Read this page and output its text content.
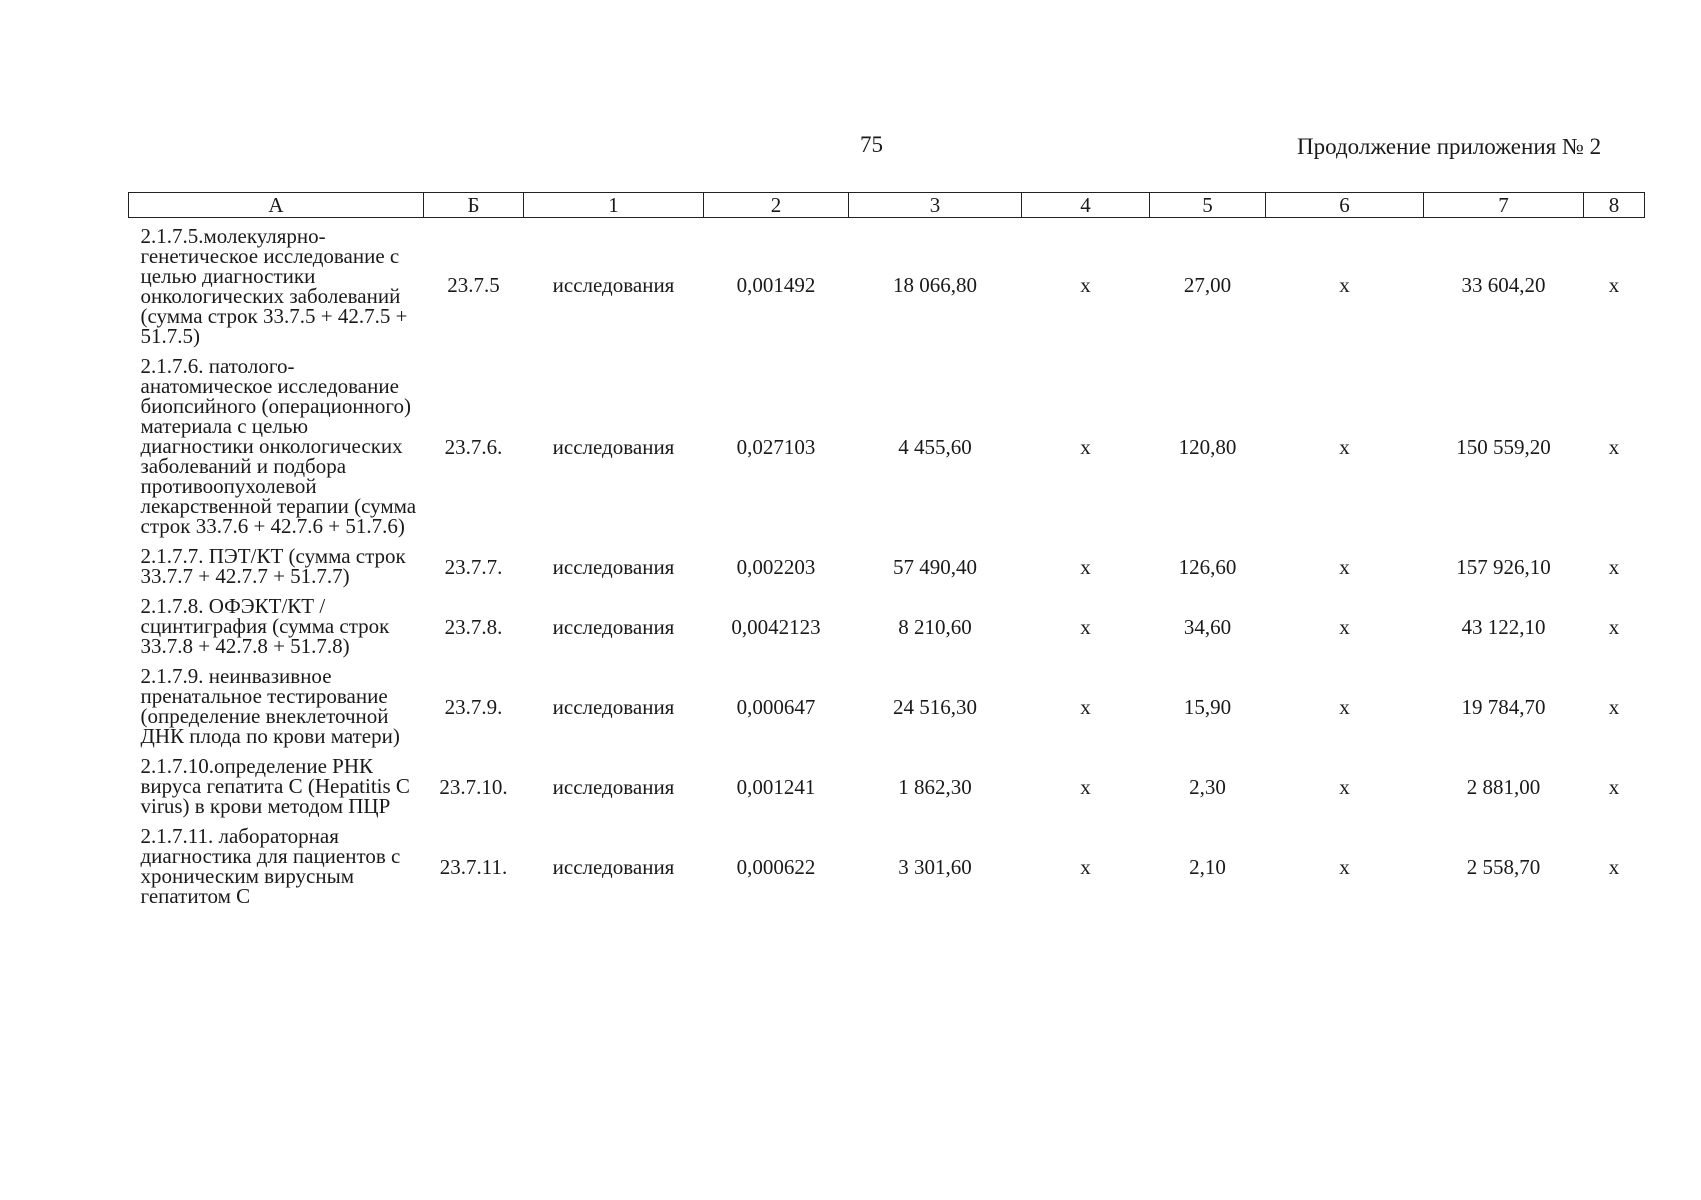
75	Продолжение приложения № 2
А	Б	1	2	3	4	5	6	7	8
2.1.7.5.молекулярно-генетическое исследование с целью диагностики онкологических заболеваний (сумма строк 33.7.5 + 42.7.5 + 51.7.5)	23.7.5	исследования	0,001492	18 066,80	х	27,00	х	33 604,20	х
2.1.7.6. патолого-анатомическое исследование биопсийного (операционного) материала с целью диагностики онкологических заболеваний и подбора противоопухолевой лекарственной терапии (сумма строк 33.7.6 + 42.7.6 + 51.7.6)	23.7.6.	исследования	0,027103	4 455,60	х	120,80	х	150 559,20	х
2.1.7.7. ПЭТ/КТ (сумма строк 33.7.7 + 42.7.7 + 51.7.7)	23.7.7.	исследования	0,002203	57 490,40	х	126,60	х	157 926,10	х
2.1.7.8. ОФЭКТ/КТ / сцинтиграфия (сумма строк 33.7.8 + 42.7.8 + 51.7.8)	23.7.8.	исследования	0,0042123	8 210,60	х	34,60	х	43 122,10	х
2.1.7.9. неинвазивное пренатальное тестирование (определение внеклеточной ДНК плода по крови матери)	23.7.9.	исследования	0,000647	24 516,30	х	15,90	х	19 784,70	х
2.1.7.10.определение РНК вируса гепатита С (Hepatitis C virus) в крови методом ПЦР	23.7.10.	исследования	0,001241	1 862,30	х	2,30	х	2 881,00	х
2.1.7.11. лабораторная диагностика для пациентов с хроническим вирусным гепатитом С	23.7.11.	исследования	0,000622	3 301,60	х	2,10	х	2 558,70	х
